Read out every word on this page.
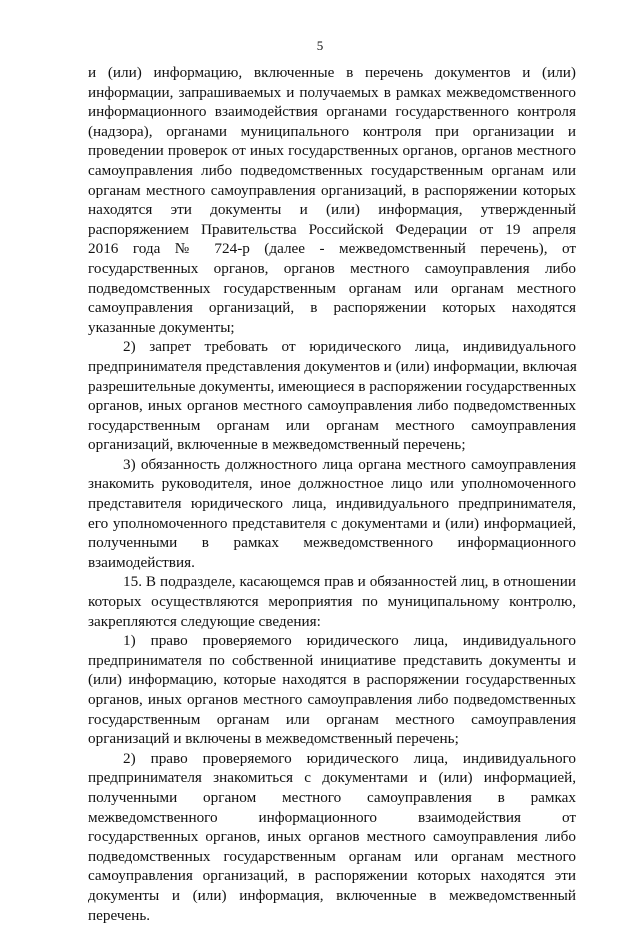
5
и (или) информацию, включенные в перечень документов и (или)
информации, запрашиваемых и получаемых в рамках межведомственного
информационного взаимодействия органами государственного контроля
(надзора), органами муниципального контроля при организации и
проведении проверок от иных государственных органов, органов местного
самоуправления либо подведомственных государственным органам или
органам местного самоуправления организаций, в распоряжении которых
находятся эти документы и (или) информация, утвержденный
распоряжением Правительства Российской Федерации от 19 апреля
2016 года № 724-р (далее - межведомственный перечень), от
государственных органов, органов местного самоуправления либо
подведомственных государственным органам или органам местного
самоуправления организаций, в распоряжении которых находятся
указанные документы;
2) запрет требовать от юридического лица, индивидуального
предпринимателя представления документов и (или) информации, включая
разрешительные документы, имеющиеся в распоряжении государственных
органов, иных органов местного самоуправления либо подведомственных
государственным органам или органам местного самоуправления
организаций, включенные в межведомственный перечень;
3) обязанность должностного лица органа местного самоуправления
знакомить руководителя, иное должностное лицо или уполномоченного
представителя юридического лица, индивидуального предпринимателя,
его уполномоченного представителя с документами и (или) информацией,
полученными в рамках межведомственного информационного
взаимодействия.
15. В подразделе, касающемся прав и обязанностей лиц, в отношении
которых осуществляются мероприятия по муниципальному контролю,
закрепляются следующие сведения:
1) право проверяемого юридического лица, индивидуального
предпринимателя по собственной инициативе представить документы и
(или) информацию, которые находятся в распоряжении государственных
органов, иных органов местного самоуправления либо подведомственных
государственным органам или органам местного самоуправления
организаций и включены в межведомственный перечень;
2) право проверяемого юридического лица, индивидуального
предпринимателя знакомиться с документами и (или) информацией,
полученными органом местного самоуправления в рамках
межведомственного информационного взаимодействия от
государственных органов, иных органов местного самоуправления либо
подведомственных государственным органам или органам местного
самоуправления организаций, в распоряжении которых находятся эти
документы и (или) информация, включенные в межведомственный
перечень.
